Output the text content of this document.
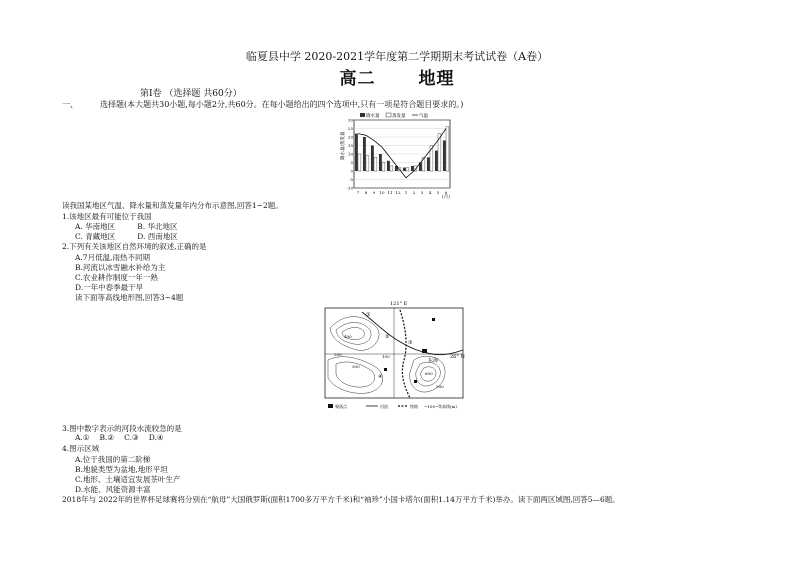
临夏县中学 2020-2021学年度第二学期期末考试试卷（A卷）
高二	地理
第Ⅰ卷 （选择题 共60分）
一、	选择题(本大题共30小题,每小题2分,共60分。在每小题给出的四个选项中,只有一项是符合题目要求的。)
30
25
20
15
10
5
0
-5
-10
7 8 9 10 11 12 1 2 3 4 5 6
降水量	蒸发量	气温
降水量/蒸发量
(月)
读我国某地区气温、降水量和蒸发量年内分布示意图,回答1~2题。
1.该地区最有可能位于我国
A. 华南地区	B. 华北地区
C. 青藏地区	D. 西南地区
2.下列有关该地区自然环境的叙述,正确的是
A.7月低温,雨热不同期
B.河流以冰雪融水补给为主
C.农业耕作制度一年一熟
D.一年中春季最干旱
读下面等高线地形图,回答3~4题
121° E
①
②
③
④
东海
26° N
400
300
200	100
600
500
聚落点	河流	铁路 ~100~ 等高线(m)
3.图中数字表示的河段水流较急的是
A.① B.② C.③ D.④
4.图示区域
A.位于我国的第二阶梯
B.地貌类型为盆地,地形平坦
C.地形、土壤适宜发展茶叶生产
D.水能、风能资源丰富
2018年与 2022年的世界杯足球赛将分别在“航母”大国俄罗斯(面积1700多万平方千米)和“袖珍”小国卡塔尔(面积1.14万平方千米)举办。读下面两区域图,回答5—6题。
